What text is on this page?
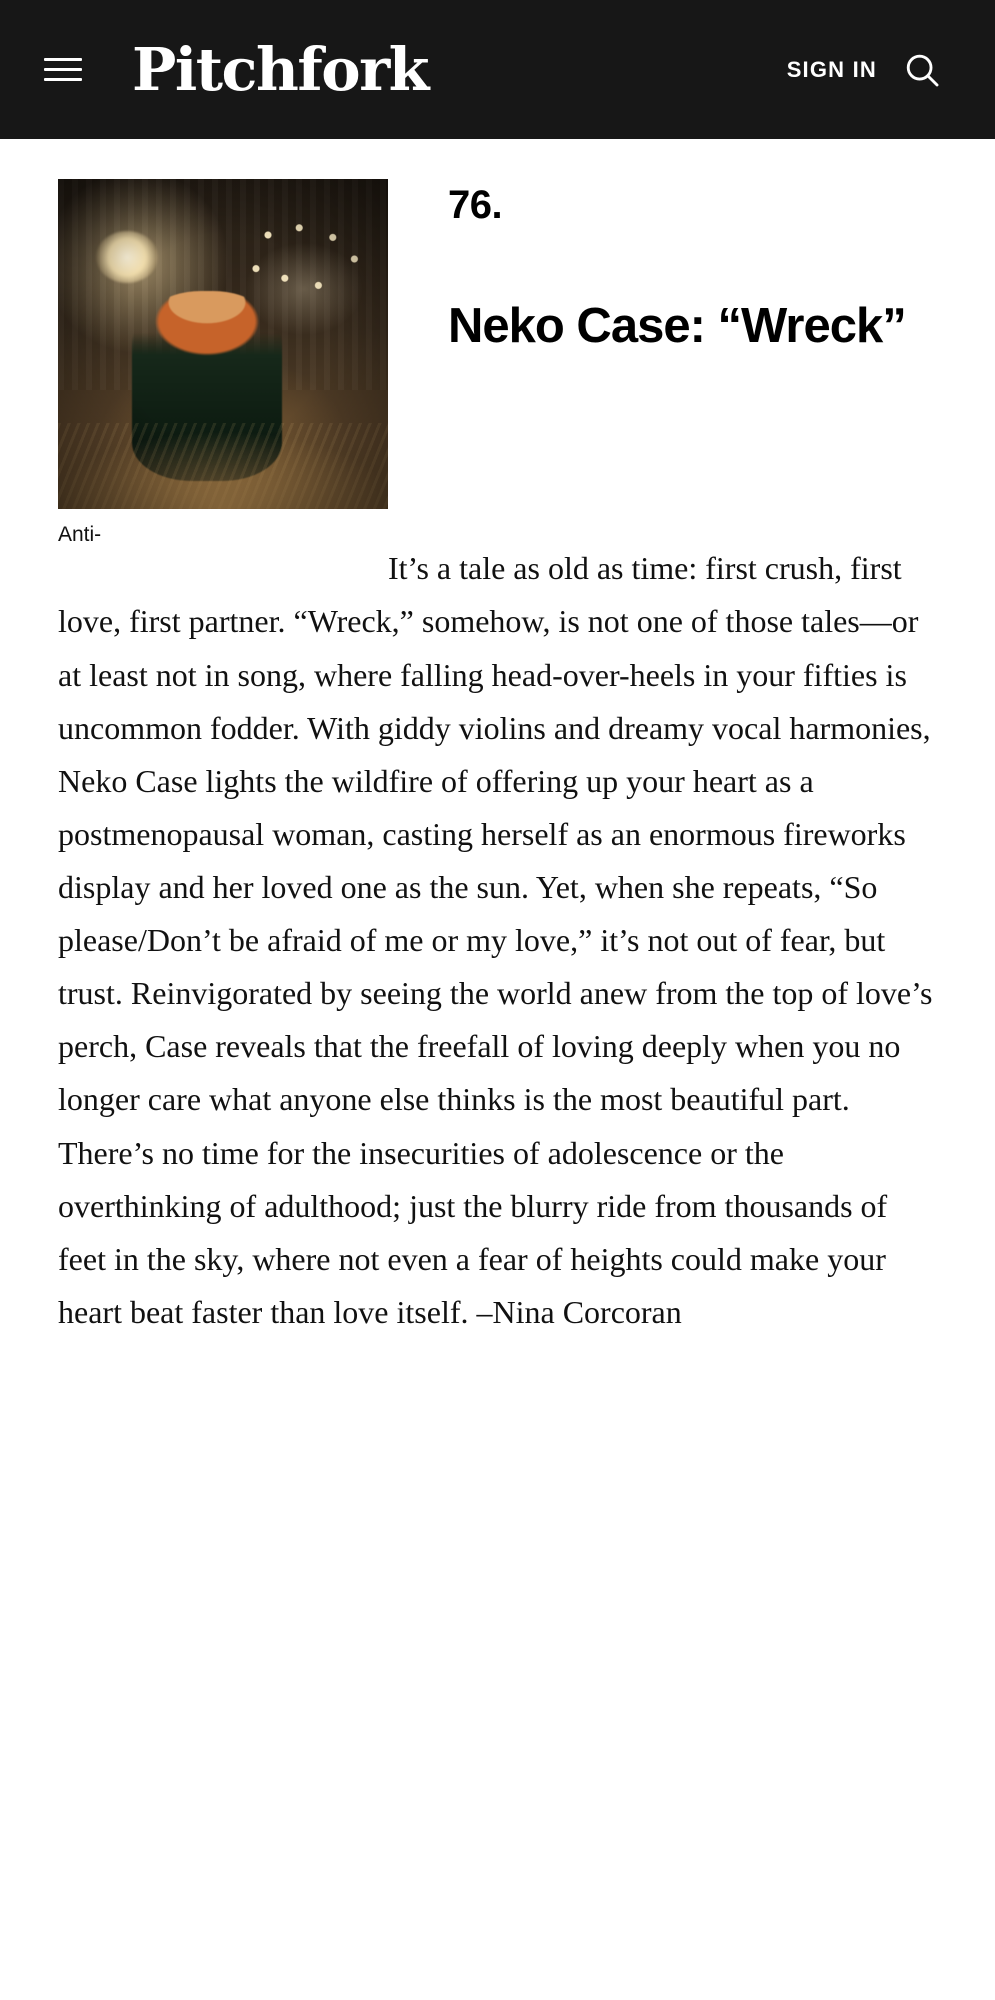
Pitchfork	SIGN IN
Anti-
76.
Neko Case: “Wreck”

It’s a tale as old as time: first crush, first love, first partner. “Wreck,” somehow, is not one of those tales—or at least not in song, where falling head-over-heels in your fifties is uncommon fodder. With giddy violins and dreamy vocal harmonies, Neko Case lights the wildfire of offering up your heart as a postmenopausal woman, casting herself as an enormous fireworks display and her loved one as the sun. Yet, when she repeats, “So please/Don’t be afraid of me or my love,” it’s not out of fear, but trust. Reinvigorated by seeing the world anew from the top of love’s perch, Case reveals that the freefall of loving deeply when you no longer care what anyone else thinks is the most beautiful part. There’s no time for the insecurities of adolescence or the overthinking of adulthood; just the blurry ride from thousands of feet in the sky, where not even a fear of heights could make your heart beat faster than love itself. –Nina Corcoran
